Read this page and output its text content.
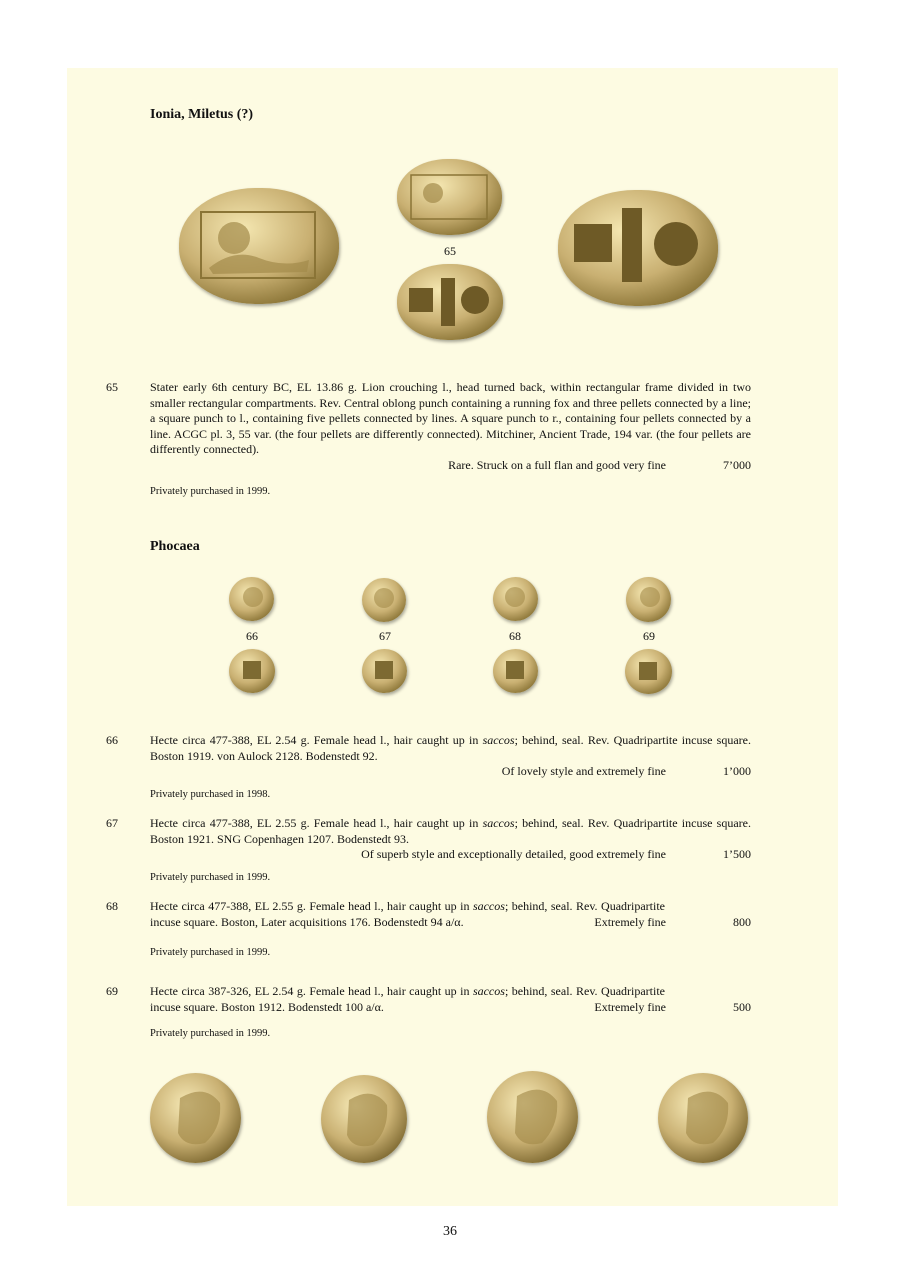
Ionia, Miletus (?)
65
65	Stater early 6th century BC, EL 13.86 g. Lion crouching l., head turned back, within rectangular frame divided in two smaller rectangular compartments. Rev. Central oblong punch containing a running fox and three pellets connected by a line; a square punch to l., containing five pellets connected by lines. A square punch to r., containing four pellets connected by a line. ACGC pl. 3, 55 var. (the four pellets are differently connected). Mitchiner, Ancient Trade, 194 var. (the four pellets are differently connected).
Rare. Struck on a full flan and good very fine	7’000
Privately purchased in 1999.
Phocaea
66	67	68	69
66	Hecte circa 477-388, EL 2.54 g. Female head l., hair caught up in saccos; behind, seal. Rev. Quadripartite incuse square. Boston 1919. von Aulock 2128. Bodenstedt 92.
Of lovely style and extremely fine	1’000
Privately purchased in 1998.
67	Hecte circa 477-388, EL 2.55 g. Female head l., hair caught up in saccos; behind, seal. Rev. Quadripartite incuse square. Boston 1921. SNG Copenhagen 1207. Bodenstedt 93.
Of superb style and exceptionally detailed, good extremely fine	1’500
Privately purchased in 1999.
68	Hecte circa 477-388, EL 2.55 g. Female head l., hair caught up in saccos; behind, seal. Rev. Quadripartite incuse square. Boston, Later acquisitions 176. Bodenstedt 94 a/α.	Extremely fine	800
Privately purchased in 1999.
69	Hecte circa 387-326, EL 2.54 g. Female head l., hair caught up in saccos; behind, seal. Rev. Quadripartite incuse square. Boston 1912. Bodenstedt 100 a/α.	Extremely fine	500
Privately purchased in 1999.
36
